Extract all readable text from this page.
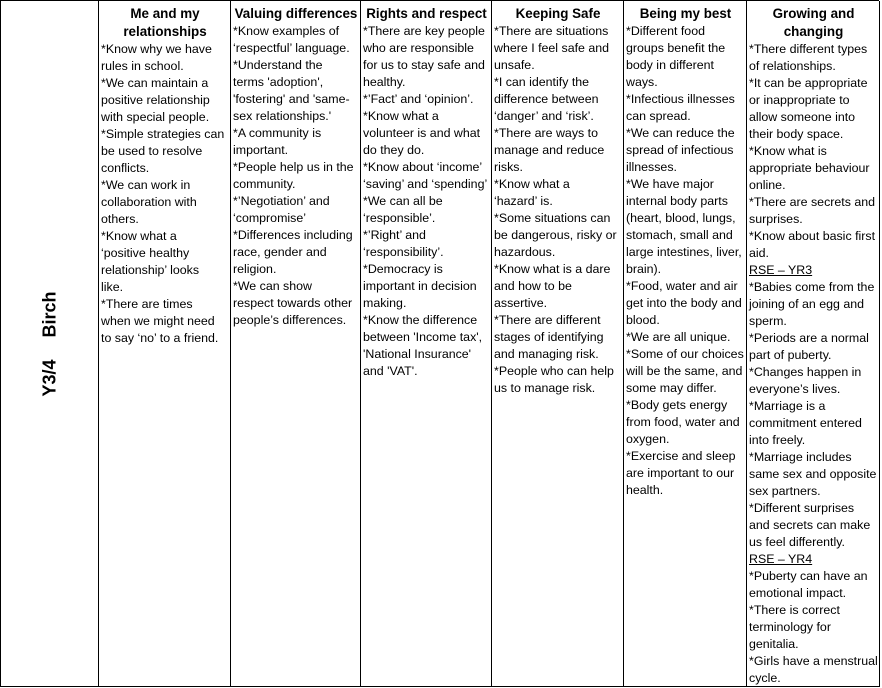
Y3/4
Birch
Me and my
relationships
*Know why we have
rules in school.
*We can maintain a
positive relationship
with special people.
*Simple strategies can
be used to resolve
conflicts.
*We can work in
collaboration with
others.
*Know what a
‘positive healthy
relationship’ looks
like.
*There are times
when we might need
to say ‘no’ to a friend.
Valuing differences
*Know examples of
‘respectful’ language.
*Understand the
terms 'adoption',
'fostering' and 'same-
sex relationships.'
*A community is
important.
*People help us in the
community.
*’Negotiation’ and
‘compromise’
*Differences including
race, gender and
religion.
*We can show
respect towards other
people’s differences.
Rights and respect
*There are key people
who are responsible
for us to stay safe and
healthy.
*’Fact’ and ‘opinion’.
*Know what a
volunteer is and what
do they do.
*Know about ‘income’
‘saving’ and ‘spending’
*We can all be
‘responsible’.
*’Right’ and
‘responsibility’.
*Democracy is
important in decision
making.
*Know the difference
between 'Income tax',
'National Insurance'
and 'VAT'.
Keeping Safe
*There are situations
where I feel safe and
unsafe.
*I can identify the
difference between
‘danger’ and ‘risk’.
*There are ways to
manage and reduce
risks.
*Know what a
‘hazard’ is.
*Some situations can
be dangerous, risky or
hazardous.
*Know what is a dare
and how to be
assertive.
*There are different
stages of identifying
and managing risk.
*People who can help
us to manage risk.
Being my best
*Different food
groups benefit the
body in different
ways.
*Infectious illnesses
can spread.
*We can reduce the
spread of infectious
illnesses.
*We have major
internal body parts
(heart, blood, lungs,
stomach, small and
large intestines, liver,
brain).
*Food, water and air
get into the body and
blood.
*We are all unique.
*Some of our choices
will be the same, and
some may differ.
*Body gets energy
from food, water and
oxygen.
*Exercise and sleep
are important to our
health.
Growing and
changing
*There different types
of relationships.
*It can be appropriate
or inappropriate to
allow someone into
their body space.
*Know what is
appropriate behaviour
online.
*There are secrets and
surprises.
*Know about basic first
aid.
RSE – YR3
*Babies come from the
joining of an egg and
sperm.
*Periods are a normal
part of puberty.
*Changes happen in
everyone’s lives.
*Marriage is a
commitment entered
into freely.
*Marriage includes
same sex and opposite
sex partners.
*Different surprises
and secrets can make
us feel differently.
RSE – YR4
*Puberty can have an
emotional impact.
*There is correct
terminology for
genitalia.
*Girls have a menstrual
cycle.
